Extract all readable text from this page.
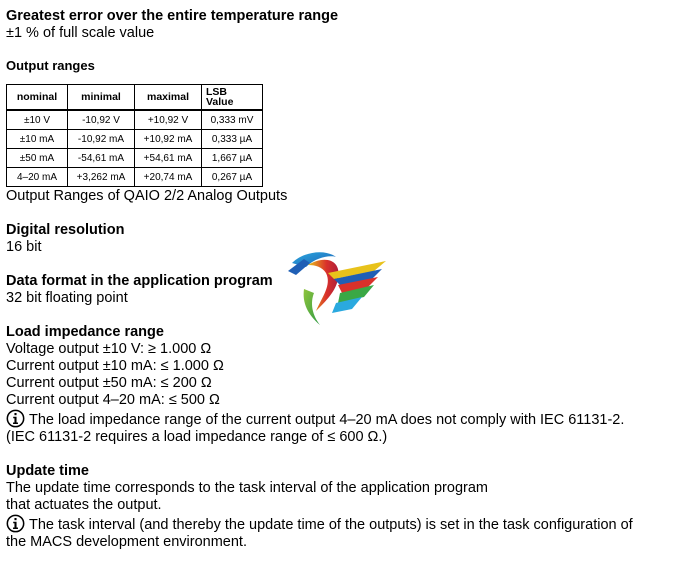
Greatest error over the entire temperature range

±1 % of full scale value

Output ranges

nominal	minimal	maximal	LSB
Value
±10 V	-10,92 V	+10,92 V	0,333 mV
±10 mA	-10,92 mA	+10,92 mA	0,333 µA
±50 mA	-54,61 mA	+54,61 mA	1,667 µA
4–20 mA	+3,262 mA	+20,74 mA	0,267 µA

Output Ranges of QAIO 2/2 Analog Outputs

Digital resolution

16 bit

Data format in the application program

32 bit floating point

Load impedance range

Voltage output ±10 V: ≥ 1.000 Ω

Current output ±10 mA: ≤ 1.000 Ω

Current output ±50 mA: ≤ 200 Ω

Current output 4–20 mA: ≤ 500 Ω

The load impedance range of the current output 4–20 mA does not comply with IEC 61131-2.

(IEC 61131-2 requires a load impedance range of ≤ 600 Ω.)

Update time

The update time corresponds to the task interval of the application program

that actuates the output.

The task interval (and thereby the update time of the outputs) is set in the task configuration of

the MACS development environment.
